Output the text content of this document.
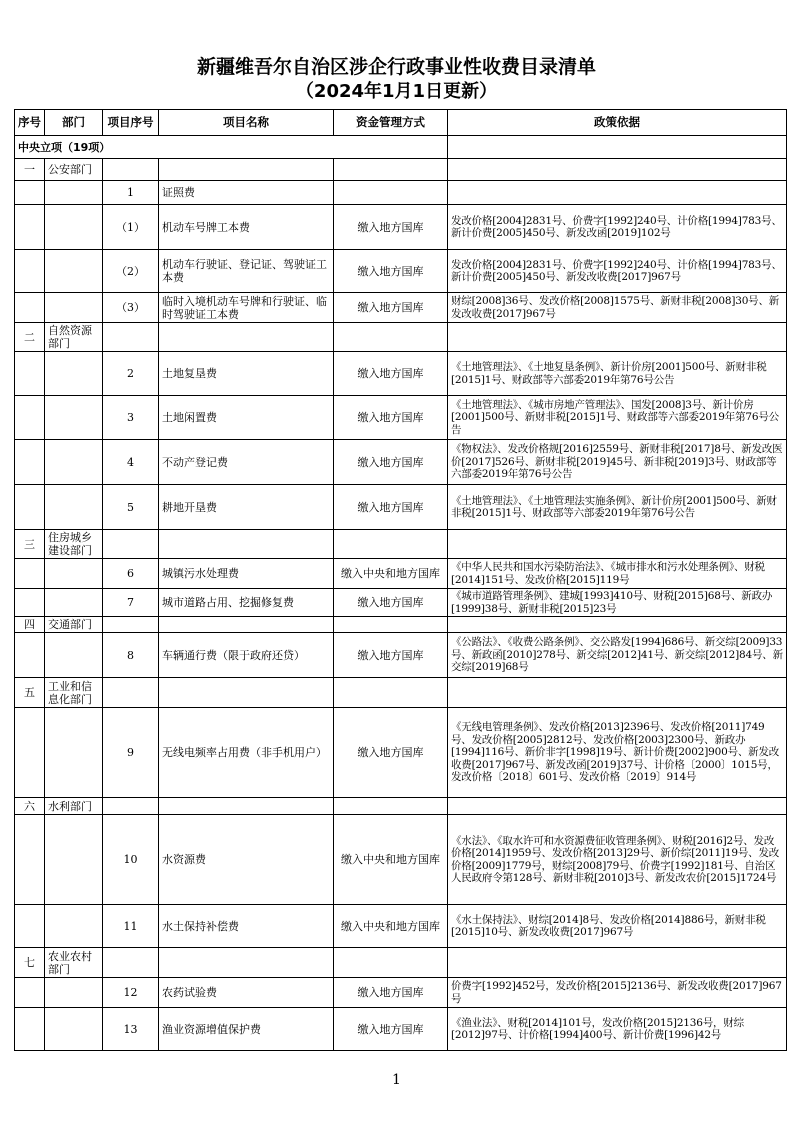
新疆维吾尔自治区涉企行政事业性收费目录清单
（2024年1月1日更新）
序号	部门	项目序号	项目名称	资金管理方式	政策依据
中央立项（19项）					
一	公安部门				
		1	证照费		
		（1）	机动车号牌工本费	缴入地方国库	发改价格[2004]2831号、价费字[1992]240号、计价格[1994]783号、新计价费[2005]450号、新发改函[2019]102号
		（2）	机动车行驶证、登记证、驾驶证工本费	缴入地方国库	发改价格[2004]2831号、价费字[1992]240号、计价格[1994]783号、新计价费[2005]450号、新发改收费[2017]967号
		（3）	临时入境机动车号牌和行驶证、临时驾驶证工本费	缴入地方国库	财综[2008]36号、发改价格[2008]1575号、新财非税[2008]30号、新发改收费[2017]967号
二	自然资源部门				
		2	土地复垦费	缴入地方国库	《土地管理法》、《土地复垦条例》、新计价房[2001]500号、新财非税[2015]1号、财政部等六部委2019年第76号公告
		3	土地闲置费	缴入地方国库	《土地管理法》、《城市房地产管理法》、国发[2008]3号、新计价房[2001]500号、新财非税[2015]1号、财政部等六部委2019年第76号公告
		4	不动产登记费	缴入地方国库	《物权法》、发改价格规[2016]2559号、新财非税[2017]8号、新发改医价[2017]526号、新财非税[2019]45号、新非税[2019]3号、财政部等六部委2019年第76号公告
		5	耕地开垦费	缴入地方国库	《土地管理法》、《土地管理法实施条例》、新计价房[2001]500号、新财非税[2015]1号、财政部等六部委2019年第76号公告
三	住房城乡建设部门				
		6	城镇污水处理费	缴入中央和地方国库	《中华人民共和国水污染防治法》、《城市排水和污水处理条例》、财税[2014]151号、发改价格[2015]119号
		7	城市道路占用、挖掘修复费	缴入地方国库	《城市道路管理条例》、建城[1993]410号、财税[2015]68号、新政办[1999]38号、新财非税[2015]23号
四	交通部门				
		8	车辆通行费（限于政府还贷）	缴入地方国库	《公路法》、《收费公路条例》、交公路发[1994]686号、新交综[2009]33号、新政函[2010]278号、新交综[2012]41号、新交综[2012]84号、新交综[2019]68号
五	工业和信息化部门				
		9	无线电频率占用费（非手机用户）	缴入地方国库	《无线电管理条例》、发改价格[2013]2396号、发改价格[2011]749号、发改价格[2005]2812号、发改价格[2003]2300号、新政办[1994]116号、新价非字[1998]19号、新计价费[2002]900号、新发改收费[2017]967号、新发改函[2019]37号、计价格〔2000〕1015号，发改价格〔2018〕601号、发改价格〔2019〕914号
六	水利部门				
		10	水资源费	缴入中央和地方国库	《水法》、《取水许可和水资源费征收管理条例》、财税[2016]2号、发改价格[2014]1959号、发改价格[2013]29号、新价综[2011]19号、发改价格[2009]1779号，财综[2008]79号、价费字[1992]181号、自治区人民政府令第128号、新财非税[2010]3号、新发改农价[2015]1724号
		11	水土保持补偿费	缴入中央和地方国库	《水土保持法》、财综[2014]8号、发改价格[2014]886号，新财非税[2015]10号、新发改收费[2017]967号
七	农业农村部门				
		12	农药试验费	缴入地方国库	价费字[1992]452号，发改价格[2015]2136号、新发改收费[2017]967号
		13	渔业资源增值保护费	缴入地方国库	《渔业法》、财税[2014]101号，发改价格[2015]2136号，财综[2012]97号、计价格[1994]400号、新计价费[1996]42号
1
